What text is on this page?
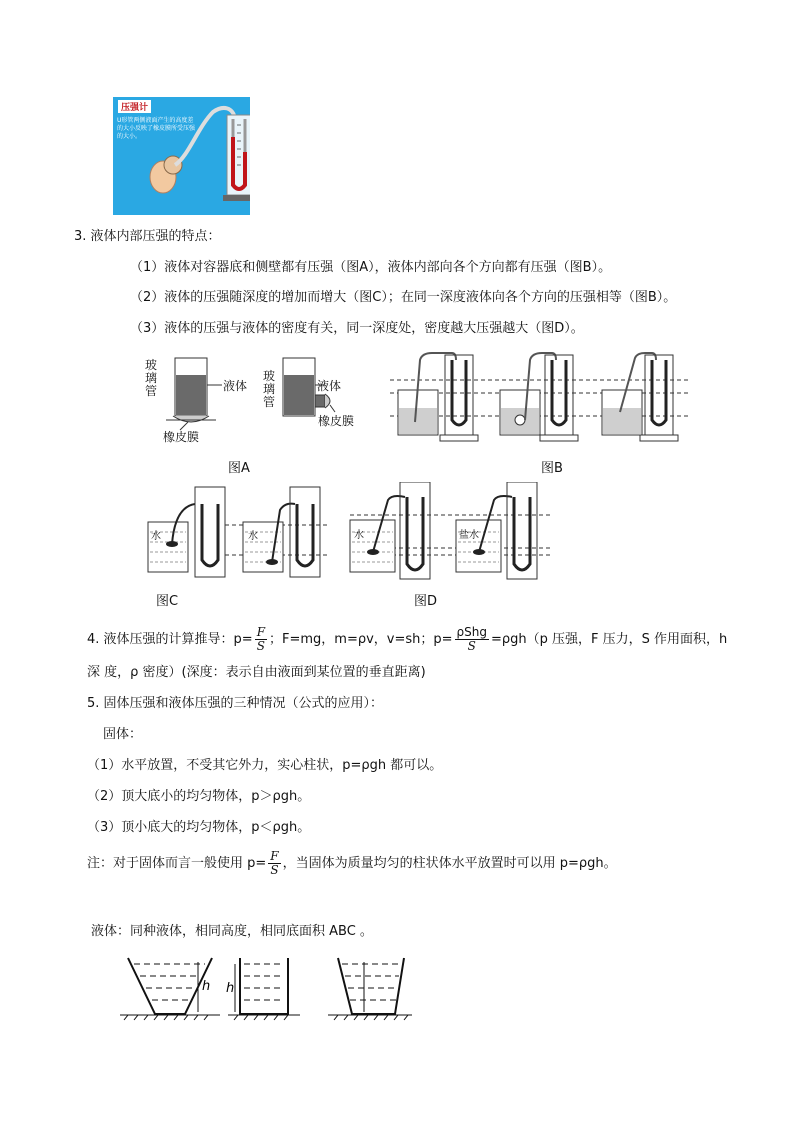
压强计
U形管两侧液面产生的高度差的大小反映了橡皮膜所受压强的大小。
3. 液体内部压强的特点：
（1）液体对容器底和侧壁都有压强（图A），液体内部向各个方向都有压强（图B）。
（2）液体的压强随深度的增加而增大（图C）；在同一深度液体向各个方向的压强相等（图B）。
（3）液体的压强与液体的密度有关，同一深度处，密度越大压强越大（图D）。
玻璃管	液体
橡皮膜
玻璃管
液体
橡皮膜
图A	图B
水	水	水	盐水
图C	图D
4. 液体压强的计算推导：$p= \frac{F}{S}$ ；F=mg，m=ρv，v=sh；$p= \frac{\text{ρShg}}{S} =\rho gh(p$ 压强，F 压力，S 作用面积，h
深 度，ρ 密度）(深度：表示自由液面到某位置的垂直距离)
5. 固体压强和液体压强的三种情况（公式的应用）：
固体：
（1）水平放置，不受其它外力，实心柱状，p=ρgh 都可以。
（2）顶大底小的均匀物体，p＞ρgh。
（3）顶小底大的均匀物体，p＜ρgh。
注：对于固体而言一般使用 $p= \frac{F}{S}$ ，当固体为质量均匀的柱状体水平放置时可以用 p=ρgh。
液体：同种液体，相同高度，相同底面积 ABC 。
h h
